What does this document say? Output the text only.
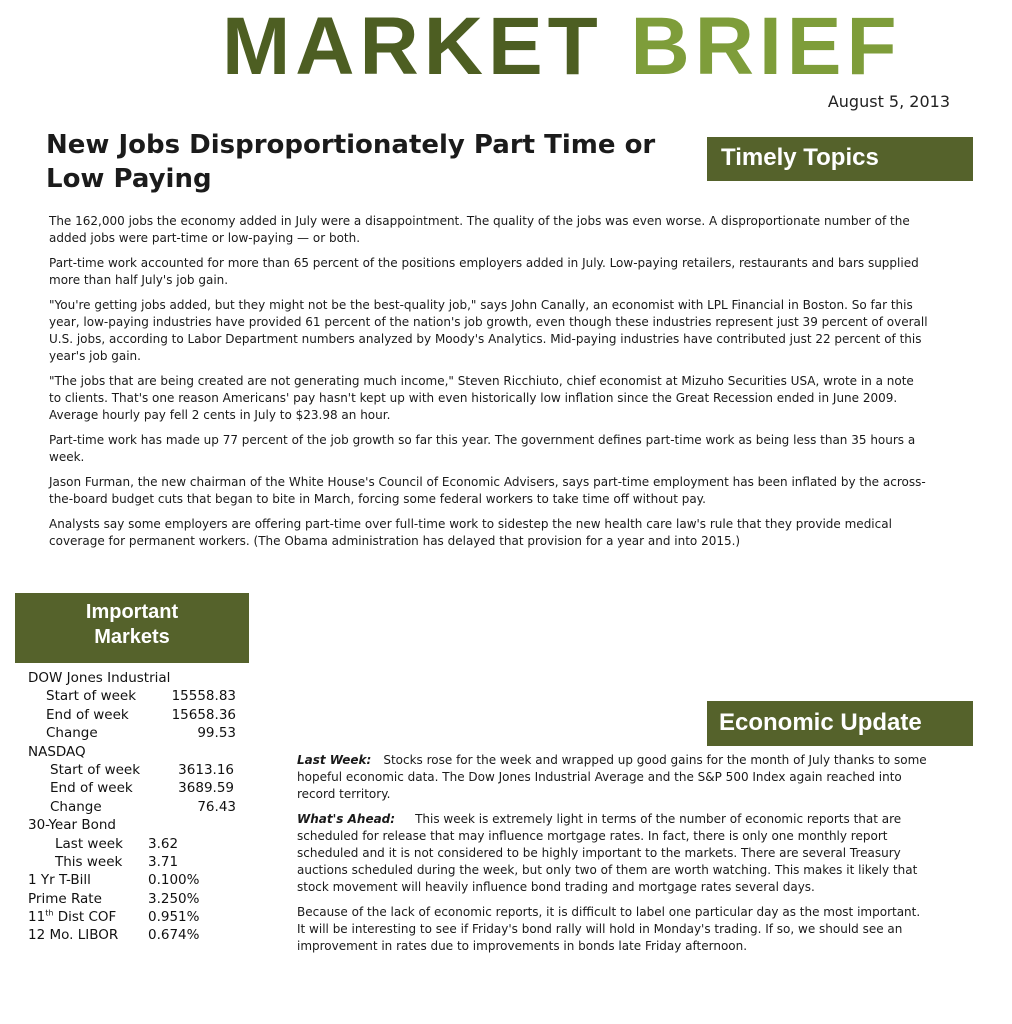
MARKET BRIEF
August 5, 2013
New Jobs Disproportionately Part Time or Low Paying
Timely Topics

The 162,000 jobs the economy added in July were a disappointment. The quality of the jobs was even worse. A disproportionate number of the added jobs were part-time or low-paying — or both.

Part-time work accounted for more than 65 percent of the positions employers added in July. Low-paying retailers, restaurants and bars supplied more than half July's job gain.

"You're getting jobs added, but they might not be the best-quality job," says John Canally, an economist with LPL Financial in Boston. So far this year, low-paying industries have provided 61 percent of the nation's job growth, even though these industries represent just 39 percent of overall U.S. jobs, according to Labor Department numbers analyzed by Moody's Analytics. Mid-paying industries have contributed just 22 percent of this year's job gain.

"The jobs that are being created are not generating much income," Steven Ricchiuto, chief economist at Mizuho Securities USA, wrote in a note to clients. That's one reason Americans' pay hasn't kept up with even historically low inflation since the Great Recession ended in June 2009. Average hourly pay fell 2 cents in July to $23.98 an hour.

Part-time work has made up 77 percent of the job growth so far this year. The government defines part-time work as being less than 35 hours a week.

Jason Furman, the new chairman of the White House's Council of Economic Advisers, says part-time employment has been inflated by the across-the-board budget cuts that began to bite in March, forcing some federal workers to take time off without pay.

Analysts say some employers are offering part-time over full-time work to sidestep the new health care law's rule that they provide medical coverage for permanent workers. (The Obama administration has delayed that provision for a year and into 2015.)

Important
Markets
DOW Jones Industrial
Start of week	15558.83
End of week	15658.36
Change	99.53
NASDAQ
Start of week	3613.16
End of week	3689.59
Change	76.43
30-Year Bond
Last week 3.62
This week 3.71
1 Yr T-Bill	0.100%
Prime Rate	3.250%
11th Dist COF 0.951%
12 Mo. LIBOR 0.674%
Economic Update

Last Week: Stocks rose for the week and wrapped up good gains for the month of July thanks to some hopeful economic data. The Dow Jones Industrial Average and the S&P 500 Index again reached into record territory.

What's Ahead: This week is extremely light in terms of the number of economic reports that are scheduled for release that may influence mortgage rates. In fact, there is only one monthly report scheduled and it is not considered to be highly important to the markets. There are several Treasury auctions scheduled during the week, but only two of them are worth watching. This makes it likely that stock movement will heavily influence bond trading and mortgage rates several days.

Because of the lack of economic reports, it is difficult to label one particular day as the most important. It will be interesting to see if Friday's bond rally will hold in Monday's trading. If so, we should see an improvement in rates due to improvements in bonds late Friday afternoon.
